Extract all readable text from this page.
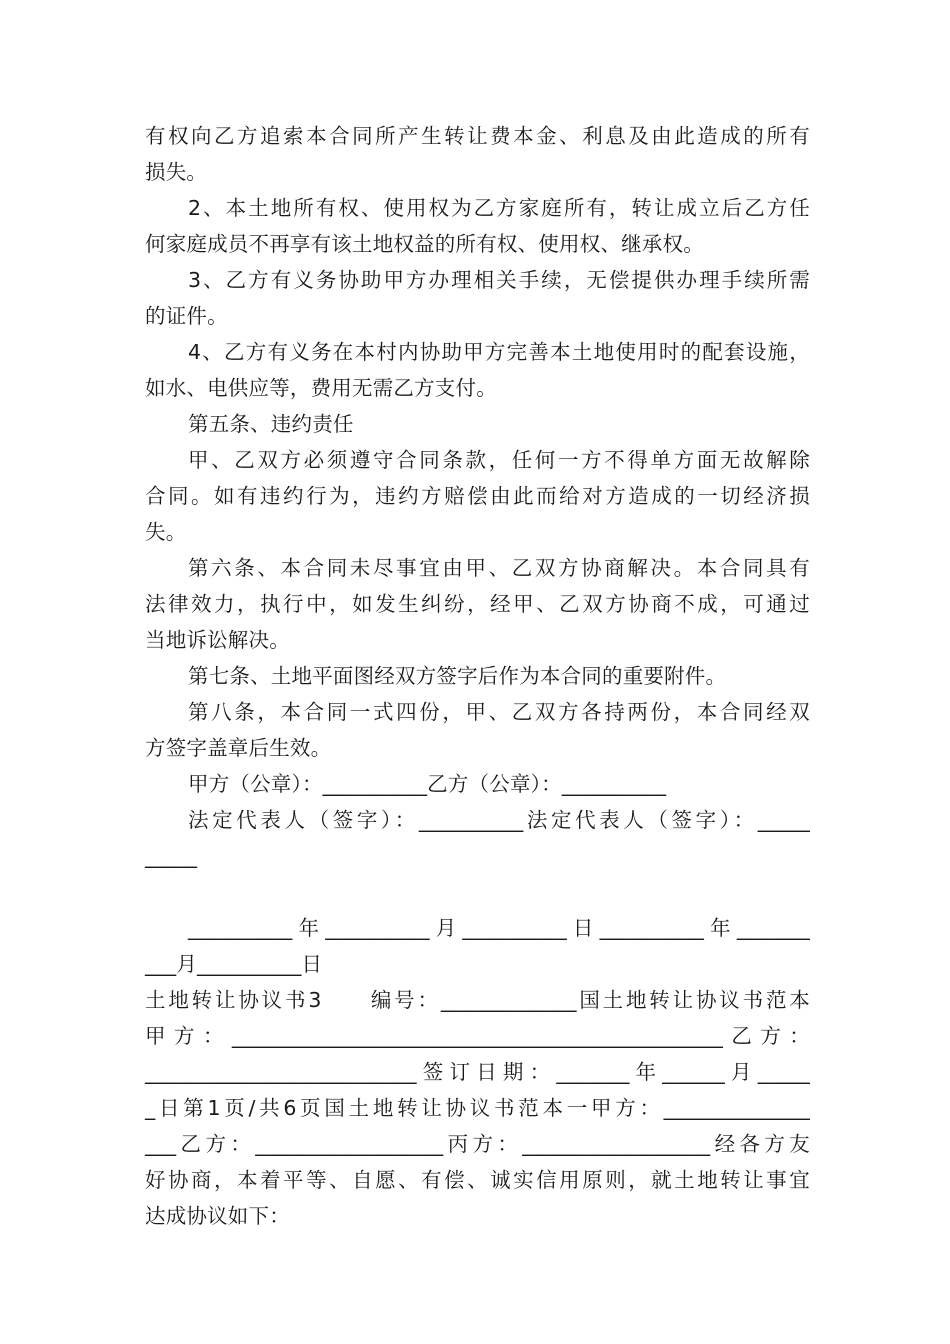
有权向乙方追索本合同所产生转让费本金、利息及由此造成的所有
损失。
2、本土地所有权、使用权为乙方家庭所有，转让成立后乙方任
何家庭成员不再享有该土地权益的所有权、使用权、继承权。
3、乙方有义务协助甲方办理相关手续，无偿提供办理手续所需
的证件。
4、乙方有义务在本村内协助甲方完善本土地使用时的配套设施，
如水、电供应等，费用无需乙方支付。
第五条、违约责任
甲、乙双方必须遵守合同条款，任何一方不得单方面无故解除
合同。如有违约行为，违约方赔偿由此而给对方造成的一切经济损
失。
第六条、本合同未尽事宜由甲、乙双方协商解决。本合同具有
法律效力，执行中，如发生纠纷，经甲、乙双方协商不成，可通过
当地诉讼解决。
第七条、土地平面图经双方签字后作为本合同的重要附件。
第八条，本合同一式四份，甲、乙双方各持两份，本合同经双
方签字盖章后生效。
甲方（公章）：__________乙方（公章）：__________
法定代表人（签字）：__________法定代表人（签字）：_____
_____

__________年__________月__________日__________年_______
___月__________日
土地转让协议书3　　编号：_____________国土地转让协议书范本
甲方：_______________________________________________乙方：
__________________________签订日期：_______年______月_____
_日第1页/共6页国土地转让协议书范本一甲方：______________
___乙方：__________________丙方：__________________经各方友
好协商，本着平等、自愿、有偿、诚实信用原则，就土地转让事宜
达成协议如下：
